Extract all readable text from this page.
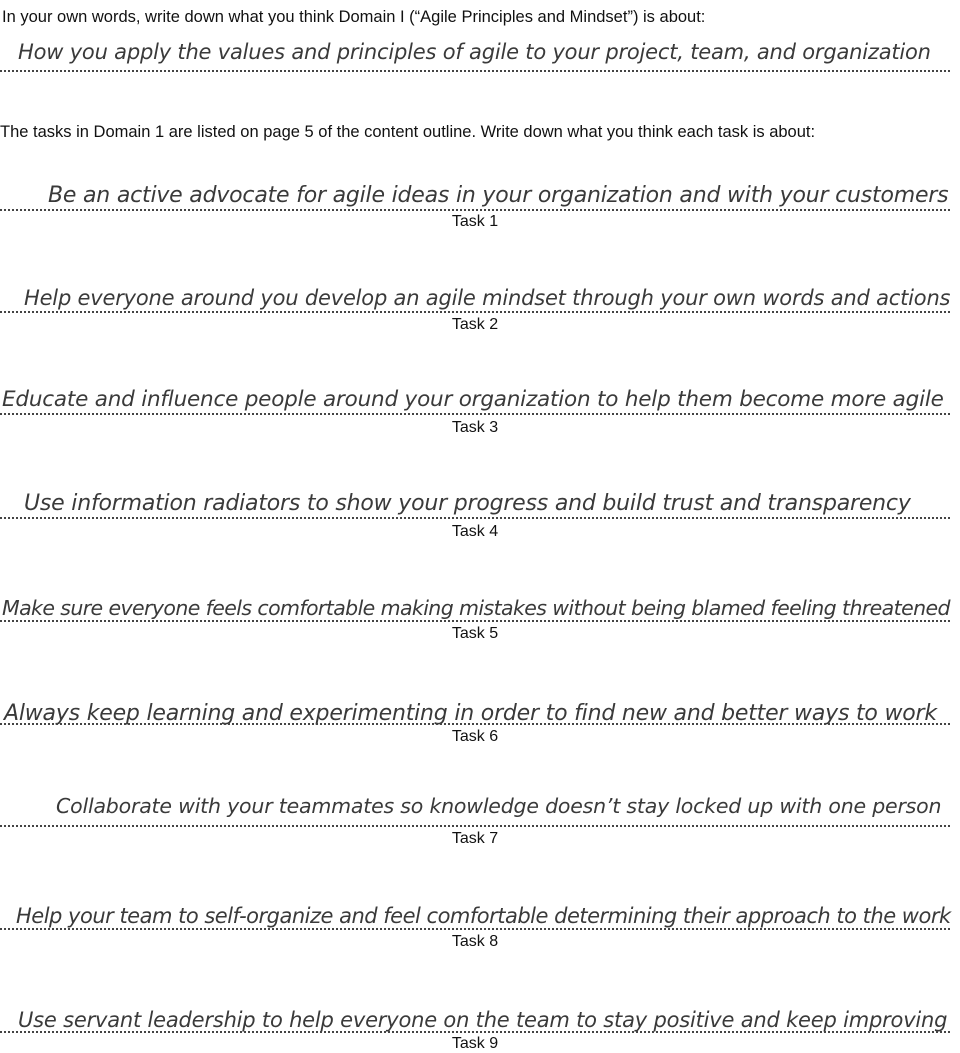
In your own words, write down what you think Domain I (“Agile Principles and Mindset”) is about:
How you apply the values and principles of agile to your project, team, and organization
The tasks in Domain 1 are listed on page 5 of the content outline. Write down what you think each task is about:
Be an active advocate for agile ideas in your organization and with your customers
Task 1
Help everyone around you develop an agile mindset through your own words and actions
Task 2
Educate and influence people around your organization to help them become more agile
Task 3
Use information radiators to show your progress and build trust and transparency
Task 4
Make sure everyone feels comfortable making mistakes without being blamed feeling threatened
Task 5
Always keep learning and experimenting in order to find new and better ways to work
Task 6
Collaborate with your teammates so knowledge doesn’t stay locked up with one person
Task 7
Help your team to self-organize and feel comfortable determining their approach to the work
Task 8
Use servant leadership to help everyone on the team to stay positive and keep improving
Task 9
